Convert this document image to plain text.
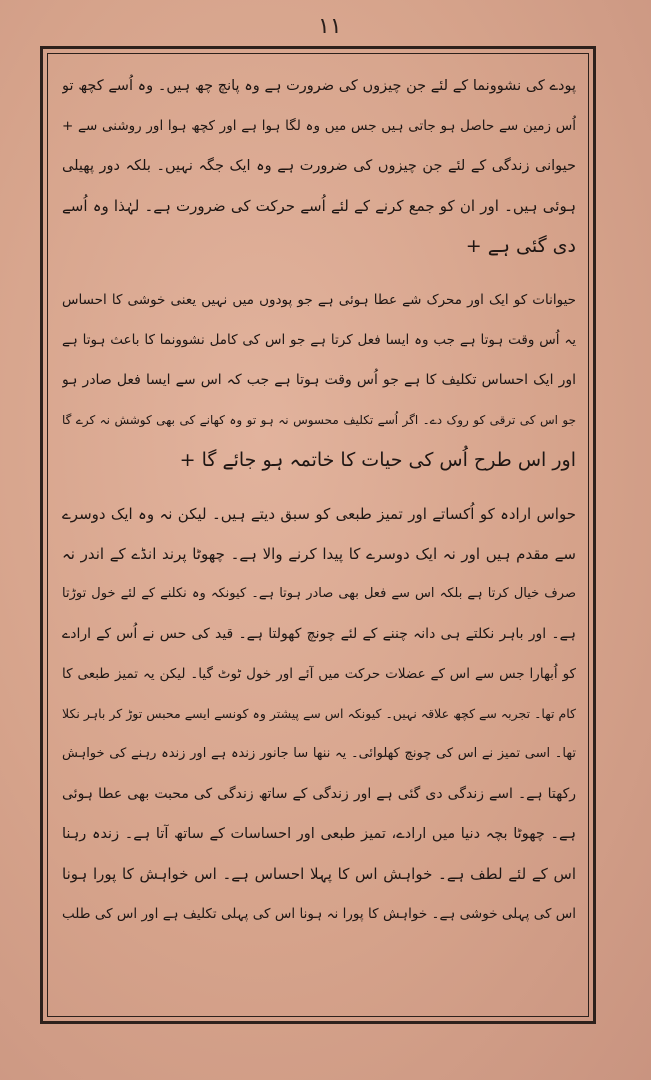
۱۱
پودے کی نشوونما کے لئے جن چیزوں کی ضرورت ہے وہ پانچ چھ ہیں۔ وہ اُسے کچھ تو
اُس زمین سے حاصل ہو جاتی ہیں جس میں وہ لگا ہوا ہے اور کچھ ہوا اور روشنی سے +
حیوانی زندگی کے لئے جن چیزوں کی ضرورت ہے وہ ایک جگہ نہیں۔ بلکہ دور پھیلی
ہوئی ہیں۔ اور ان کو جمع کرنے کے لئے اُسے حرکت کی ضرورت ہے۔ لہٰذا وہ اُسے
دی گئی ہے +
حیوانات کو ایک اور محرک شے عطا ہوئی ہے جو پودوں میں نہیں یعنی خوشی کا احساس
یہ اُس وقت ہوتا ہے جب وہ ایسا فعل کرتا ہے جو اس کی کامل نشوونما کا باعث ہوتا ہے
اور ایک احساس تکلیف کا ہے جو اُس وقت ہوتا ہے جب کہ اس سے ایسا فعل صادر ہو
جو اس کی ترقی کو روک دے۔ اگر اُسے تکلیف محسوس نہ ہو تو وہ کھانے کی بھی کوشش نہ کرے گا
اور اس طرح اُس کی حیات کا خاتمہ ہو جائے گا +
حواس ارادہ کو اُکساتے اور تمیز طبعی کو سبق دیتے ہیں۔ لیکن نہ وہ ایک دوسرے
سے مقدم ہیں اور نہ ایک دوسرے کا پیدا کرنے والا ہے۔ چھوٹا پرند انڈے کے اندر نہ
صرف خیال کرتا ہے بلکہ اس سے فعل بھی صادر ہوتا ہے۔ کیونکہ وہ نکلنے کے لئے خول توڑتا
ہے۔ اور باہر نکلتے ہی دانہ چننے کے لئے چونچ کھولتا ہے۔ قید کی حس نے اُس کے ارادے
کو اُبھارا جس سے اس کے عضلات حرکت میں آئے اور خول ٹوٹ گیا۔ لیکن یہ تمیز طبعی کا
کام تھا۔ تجربہ سے کچھ علاقہ نہیں۔ کیونکہ اس سے پیشتر وہ کونسے ایسے محبس توڑ کر باہر نکلا
تھا۔ اسی تمیز نے اس کی چونچ کھلوائی۔ یہ ننھا سا جانور زندہ ہے اور زندہ رہنے کی خواہش
رکھتا ہے۔ اسے زندگی دی گئی ہے اور زندگی کے ساتھ زندگی کی محبت بھی عطا ہوئی
ہے۔ چھوٹا بچہ دنیا میں ارادے، تمیز طبعی اور احساسات کے ساتھ آتا ہے۔ زندہ رہنا
اس کے لئے لطف ہے۔ خواہش اس کا پہلا احساس ہے۔ اس خواہش کا پورا ہونا
اس کی پہلی خوشی ہے۔ خواہش کا پورا نہ ہونا اس کی پہلی تکلیف ہے اور اس کی طلب
